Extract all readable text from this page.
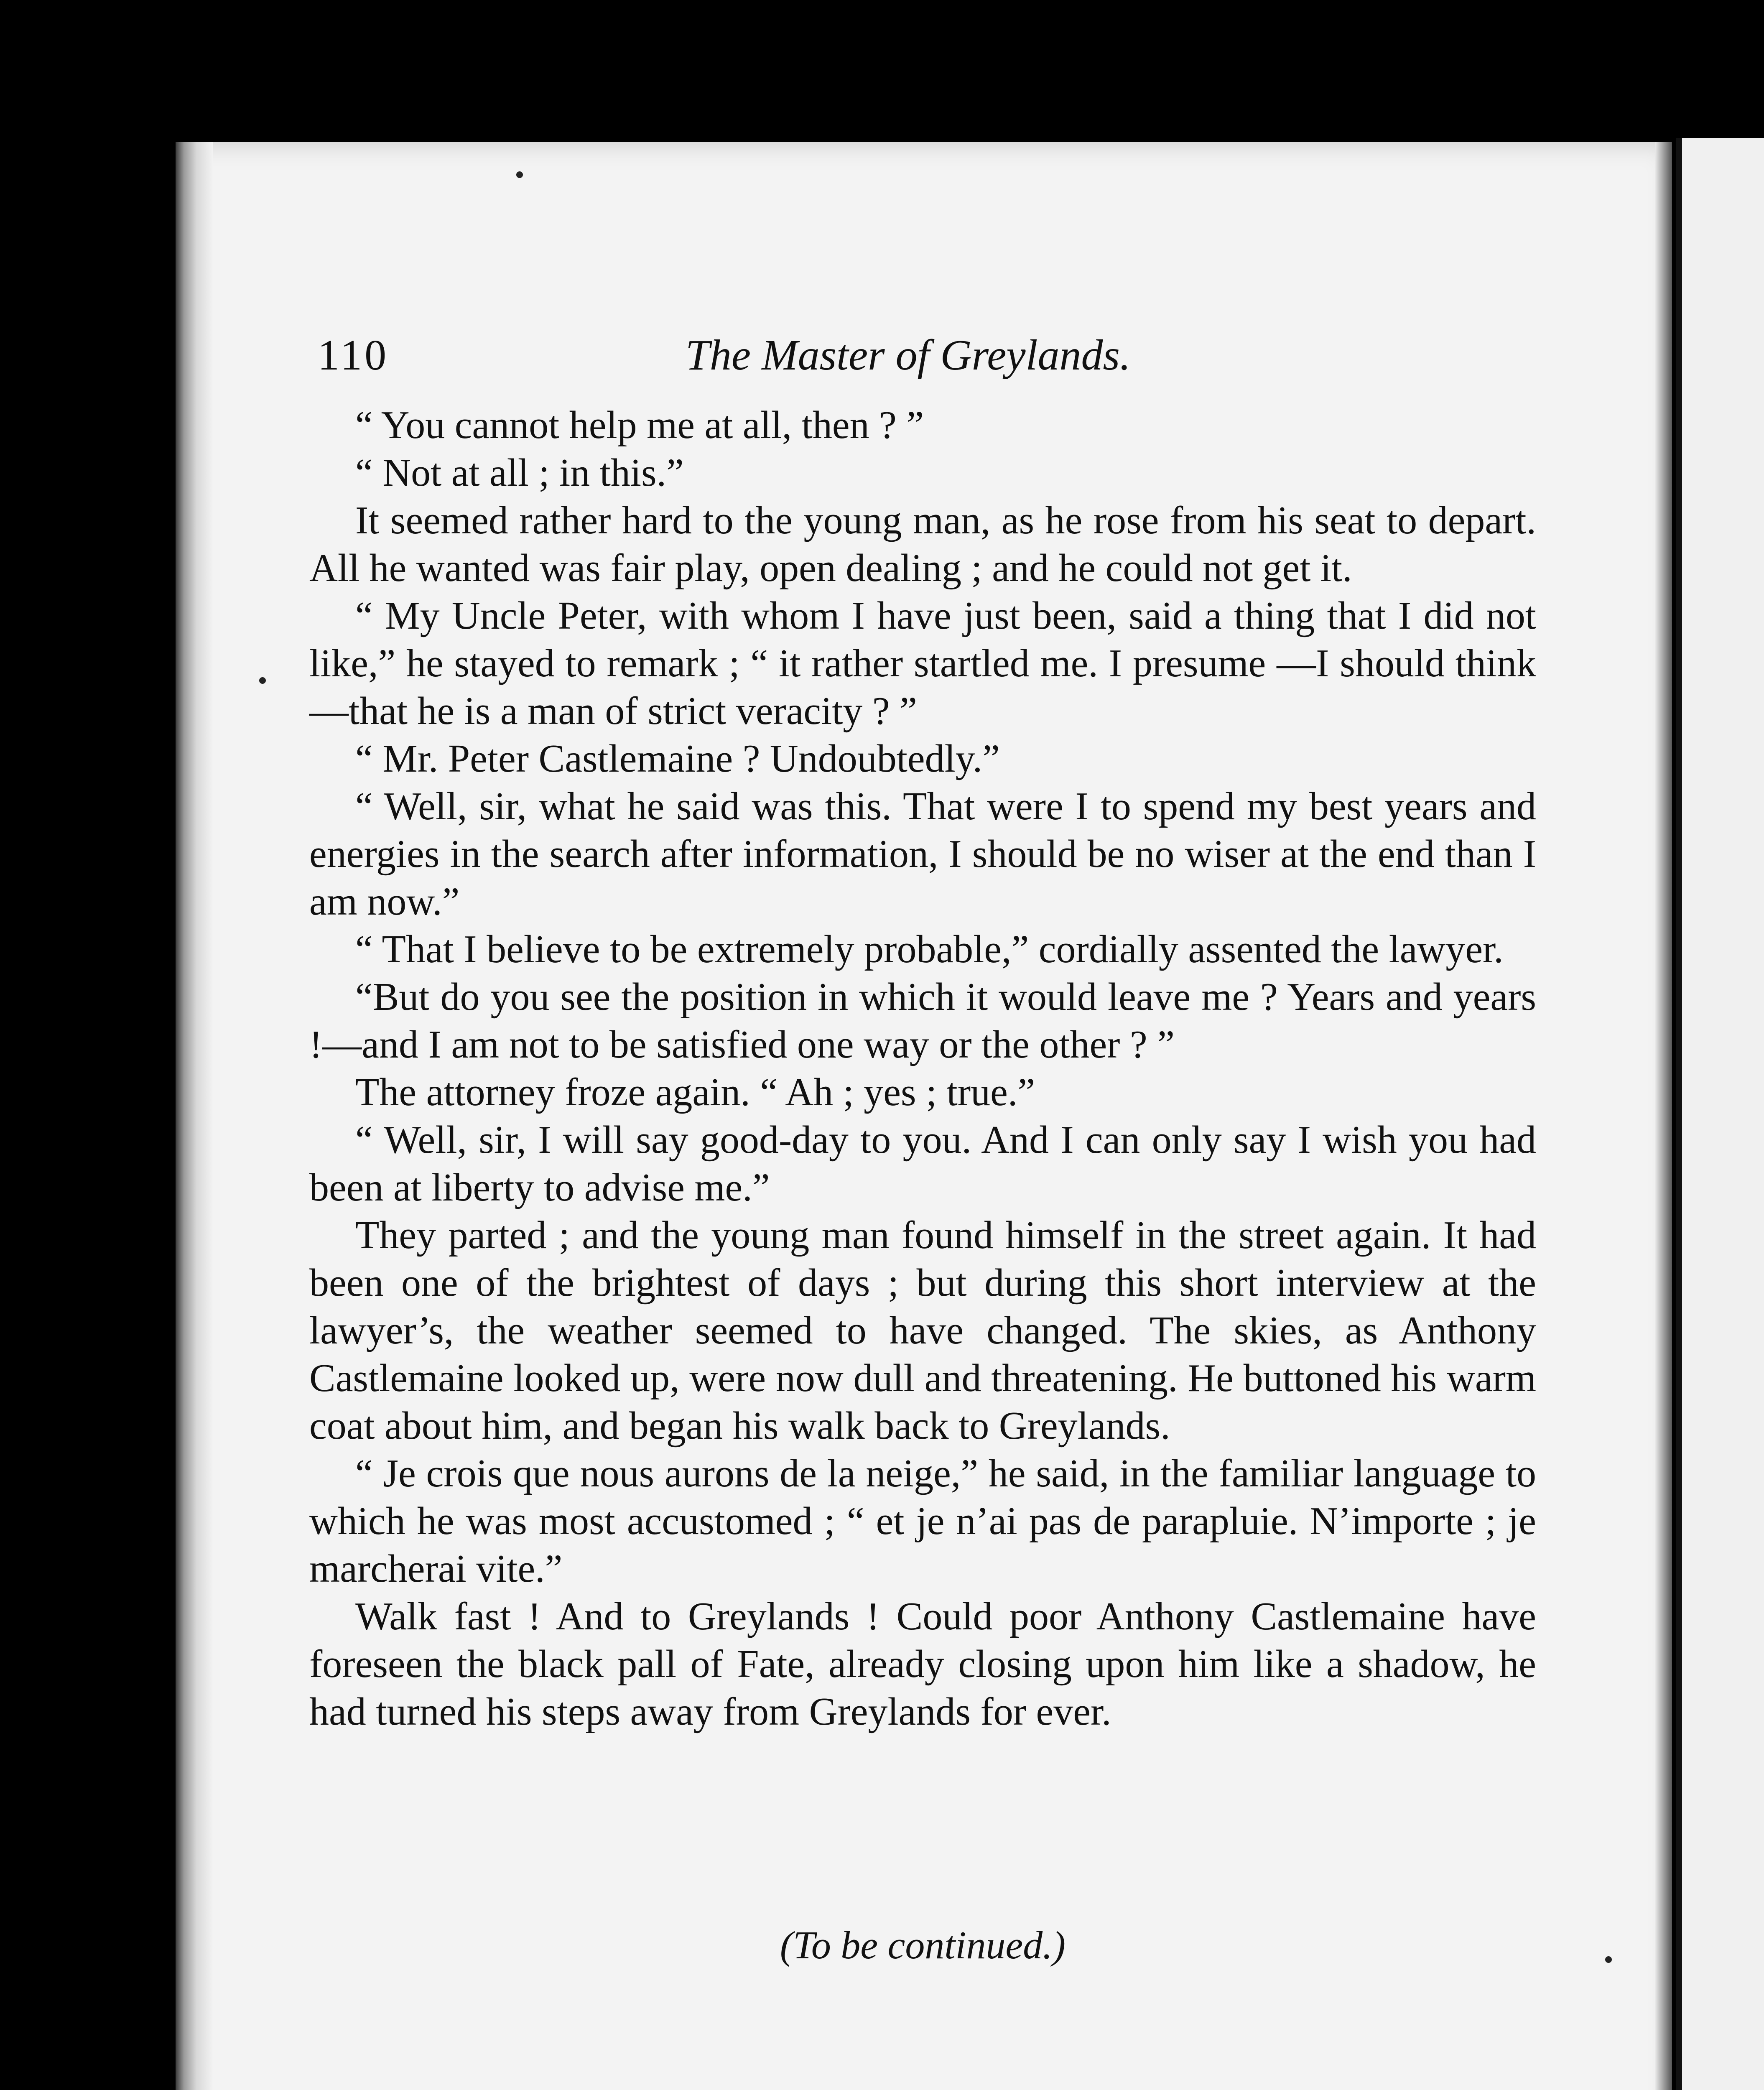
110	The Master of Greylands.

“ You cannot help me at all, then ? ”

“ Not at all ; in this.”

It seemed rather hard to the young man, as he rose from his seat to depart. All he wanted was fair play, open dealing ; and he could not get it.

“ My Uncle Peter, with whom I have just been, said a thing that I did not like,” he stayed to remark ; “ it rather startled me. I presume —I should think—that he is a man of strict veracity ? ”

“ Mr. Peter Castlemaine ? Undoubtedly.”

“ Well, sir, what he said was this. That were I to spend my best years and energies in the search after information, I should be no wiser at the end than I am now.”

“ That I believe to be extremely probable,” cordially assented the lawyer.

“But do you see the position in which it would leave me ? Years and years !—and I am not to be satisfied one way or the other ? ”

The attorney froze again. “ Ah ; yes ; true.”

“ Well, sir, I will say good-day to you. And I can only say I wish you had been at liberty to advise me.”

They parted ; and the young man found himself in the street again. It had been one of the brightest of days ; but during this short interview at the lawyer’s, the weather seemed to have changed. The skies, as Anthony Castlemaine looked up, were now dull and threatening. He buttoned his warm coat about him, and began his walk back to Greylands.

“ Je crois que nous aurons de la neige,” he said, in the familiar language to which he was most accustomed ; “ et je n’ai pas de parapluie. N’importe ; je marcherai vite.”

Walk fast ! And to Greylands ! Could poor Anthony Castlemaine have foreseen the black pall of Fate, already closing upon him like a shadow, he had turned his steps away from Greylands for ever.

(To be continued.)
